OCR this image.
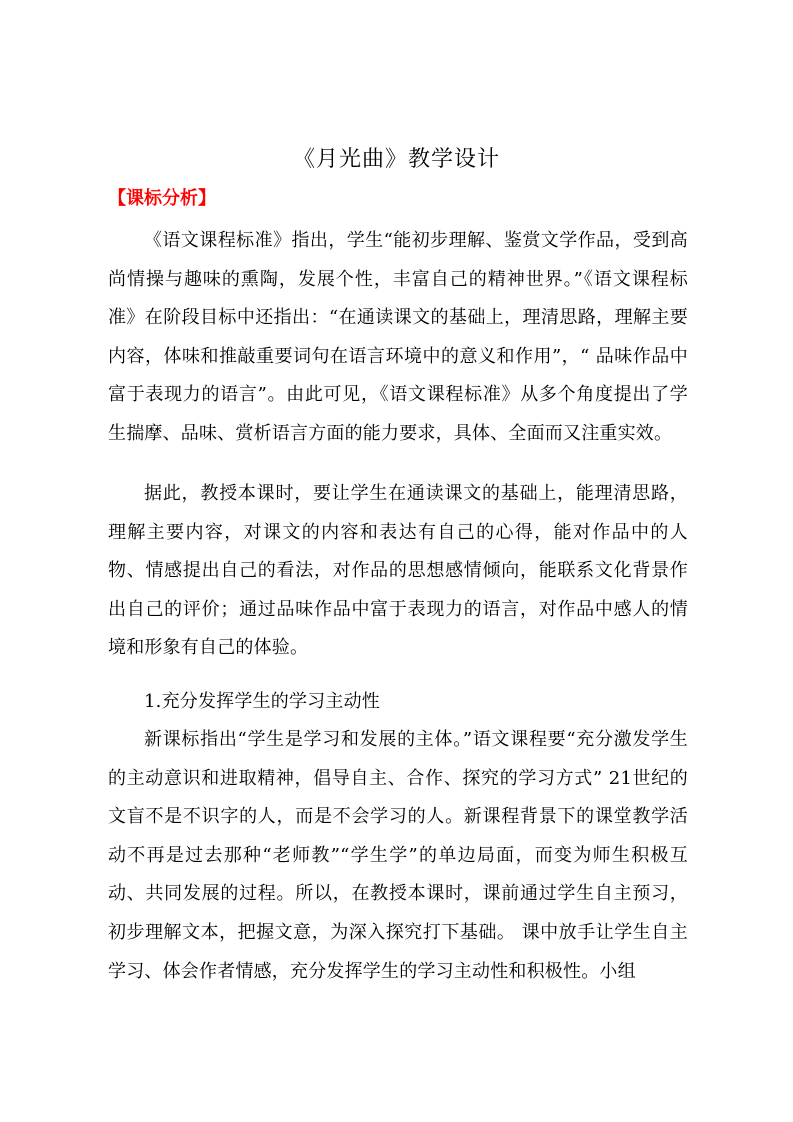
《月光曲》教学设计
【课标分析】

《语文课程标准》指出，学生“能初步理解、鉴赏文学作品，受到高尚情操与趣味的熏陶，发展个性，丰富自己的精神世界。”《语文课程标准》在阶段目标中还指出：“在通读课文的基础上，理清思路，理解主要内容，体味和推敲重要词句在语言环境中的意义和作用”，“ 品味作品中富于表现力的语言”。由此可见，《语文课程标准》从多个角度提出了学生揣摩、品味、赏析语言方面的能力要求，具体、全面而又注重实效。

据此，教授本课时，要让学生在通读课文的基础上，能理清思路，理解主要内容，对课文的内容和表达有自己的心得，能对作品中的人物、情感提出自己的看法，对作品的思想感情倾向，能联系文化背景作出自己的评价；通过品味作品中富于表现力的语言，对作品中感人的情境和形象有自己的体验。

1.充分发挥学生的学习主动性

新课标指出“学生是学习和发展的主体。”语文课程要“充分激发学生的主动意识和进取精神，倡导自主、合作、探究的学习方式” 21世纪的文盲不是不识字的人，而是不会学习的人。新课程背景下的课堂教学活动不再是过去那种“老师教”“学生学”的单边局面，而变为师生积极互动、共同发展的过程。所以，在教授本课时，课前通过学生自主预习，初步理解文本，把握文意，为深入探究打下基础。 课中放手让学生自主学习、体会作者情感，充分发挥学生的学习主动性和积极性。小组
